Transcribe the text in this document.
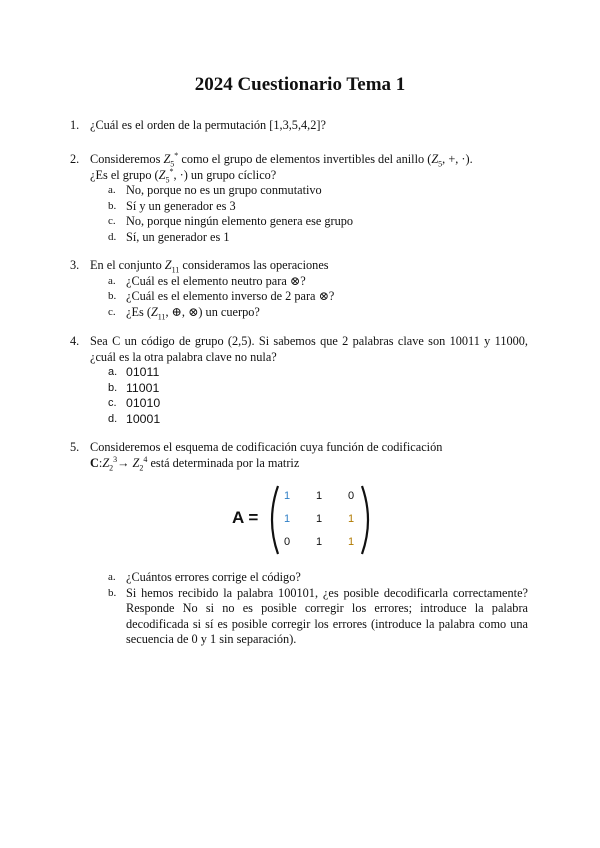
2024 Cuestionario Tema 1
1. ¿Cuál es el orden de la permutación [1,3,5,4,2]?
2. Consideremos $Z_5^*$ como el grupo de elementos invertibles del anillo ($Z_5$, +, ·).
¿Es el grupo ($Z_5^*$, ·) un grupo cíclico?
a. No, porque no es un grupo conmutativo
b. Sí y un generador es 3
c. No, porque ningún elemento genera ese grupo
d. Sí, un generador es 1
3. En el conjunto $Z_{11}$ consideramos las operaciones
a. ¿Cuál es el elemento neutro para ⊗?
b. ¿Cuál es el elemento inverso de 2 para ⊗?
c. ¿Es ($Z_{11}$, ⊕, ⊗) un cuerpo?
4. Sea C un código de grupo (2,5). Si sabemos que 2 palabras clave son 10011 y 11000, ¿cuál es la otra palabra clave no nula?
a. 01011
b. 11001
c. 01010
d. 10001
5. Consideremos el esquema de codificación cuya función de codificación
$C:Z_2^3\to Z_2^4$ está determinada por la matriz
A =
1 1 0
1 1 1
0 1 1
a. ¿Cuántos errores corrige el código?
b. Si hemos recibido la palabra 100101, ¿es posible decodificarla correctamente? Responde No si no es posible corregir los errores; introduce la palabra decodificada si sí es posible corregir los errores (introduce la palabra como una secuencia de 0 y 1 sin separación).
